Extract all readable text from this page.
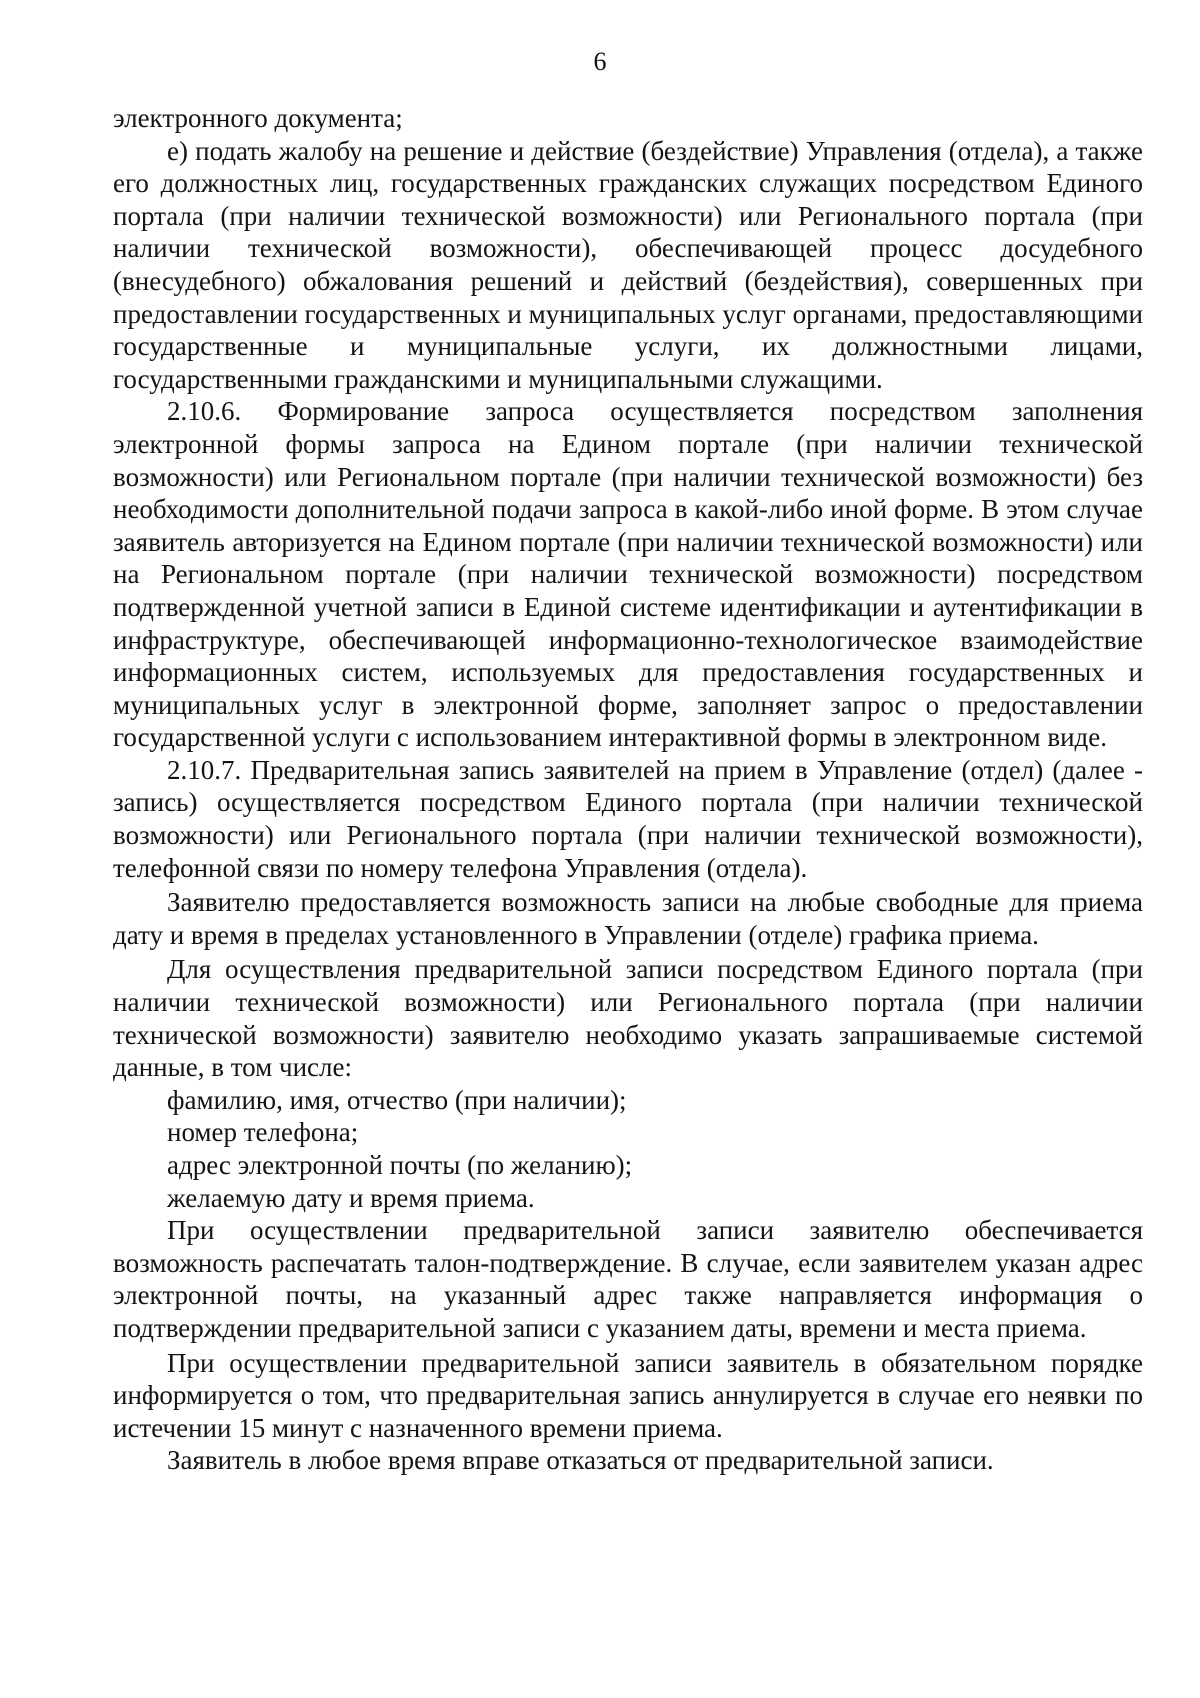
6

электронного документа;

е) подать жалобу на решение и действие (бездействие) Управления (отдела), а также его должностных лиц, государственных гражданских служащих посредством Единого портала (при наличии технической возможности) или Регионального портала (при наличии технической возможности), обеспечивающей процесс досудебного (внесудебного) обжалования решений и действий (бездействия), совершенных при предоставлении государственных и муниципальных услуг органами, предоставляющими государственные и муниципальные услуги, их должностными лицами, государственными гражданскими и муниципальными служащими.

2.10.6. Формирование запроса осуществляется посредством заполнения электронной формы запроса на Едином портале (при наличии технической возможности) или Региональном портале (при наличии технической возможности) без необходимости дополнительной подачи запроса в какой-либо иной форме. В этом случае заявитель авторизуется на Едином портале (при наличии технической возможности) или на Региональном портале (при наличии технической возможности) посредством подтвержденной учетной записи в Единой системе идентификации и аутентификации в инфраструктуре, обеспечивающей информационно-технологическое взаимодействие информационных систем, используемых для предоставления государственных и муниципальных услуг в электронной форме, заполняет запрос о предоставлении государственной услуги с использованием интерактивной формы в электронном виде.

2.10.7. Предварительная запись заявителей на прием в Управление (отдел) (далее - запись) осуществляется посредством Единого портала (при наличии технической возможности) или Регионального портала (при наличии технической возможности), телефонной связи по номеру телефона Управления (отдела).

Заявителю предоставляется возможность записи на любые свободные для приема дату и время в пределах установленного в Управлении (отделе) графика приема.

Для осуществления предварительной записи посредством Единого портала (при наличии технической возможности) или Регионального портала (при наличии технической возможности) заявителю необходимо указать запрашиваемые системой данные, в том числе:

фамилию, имя, отчество (при наличии);

номер телефона;

адрес электронной почты (по желанию);

желаемую дату и время приема.

При осуществлении предварительной записи заявителю обеспечивается возможность распечатать талон-подтверждение. В случае, если заявителем указан адрес электронной почты, на указанный адрес также направляется информация о подтверждении предварительной записи с указанием даты, времени и места приема.

При осуществлении предварительной записи заявитель в обязательном порядке информируется о том, что предварительная запись аннулируется в случае его неявки по истечении 15 минут с назначенного времени приема.

Заявитель в любое время вправе отказаться от предварительной записи.
